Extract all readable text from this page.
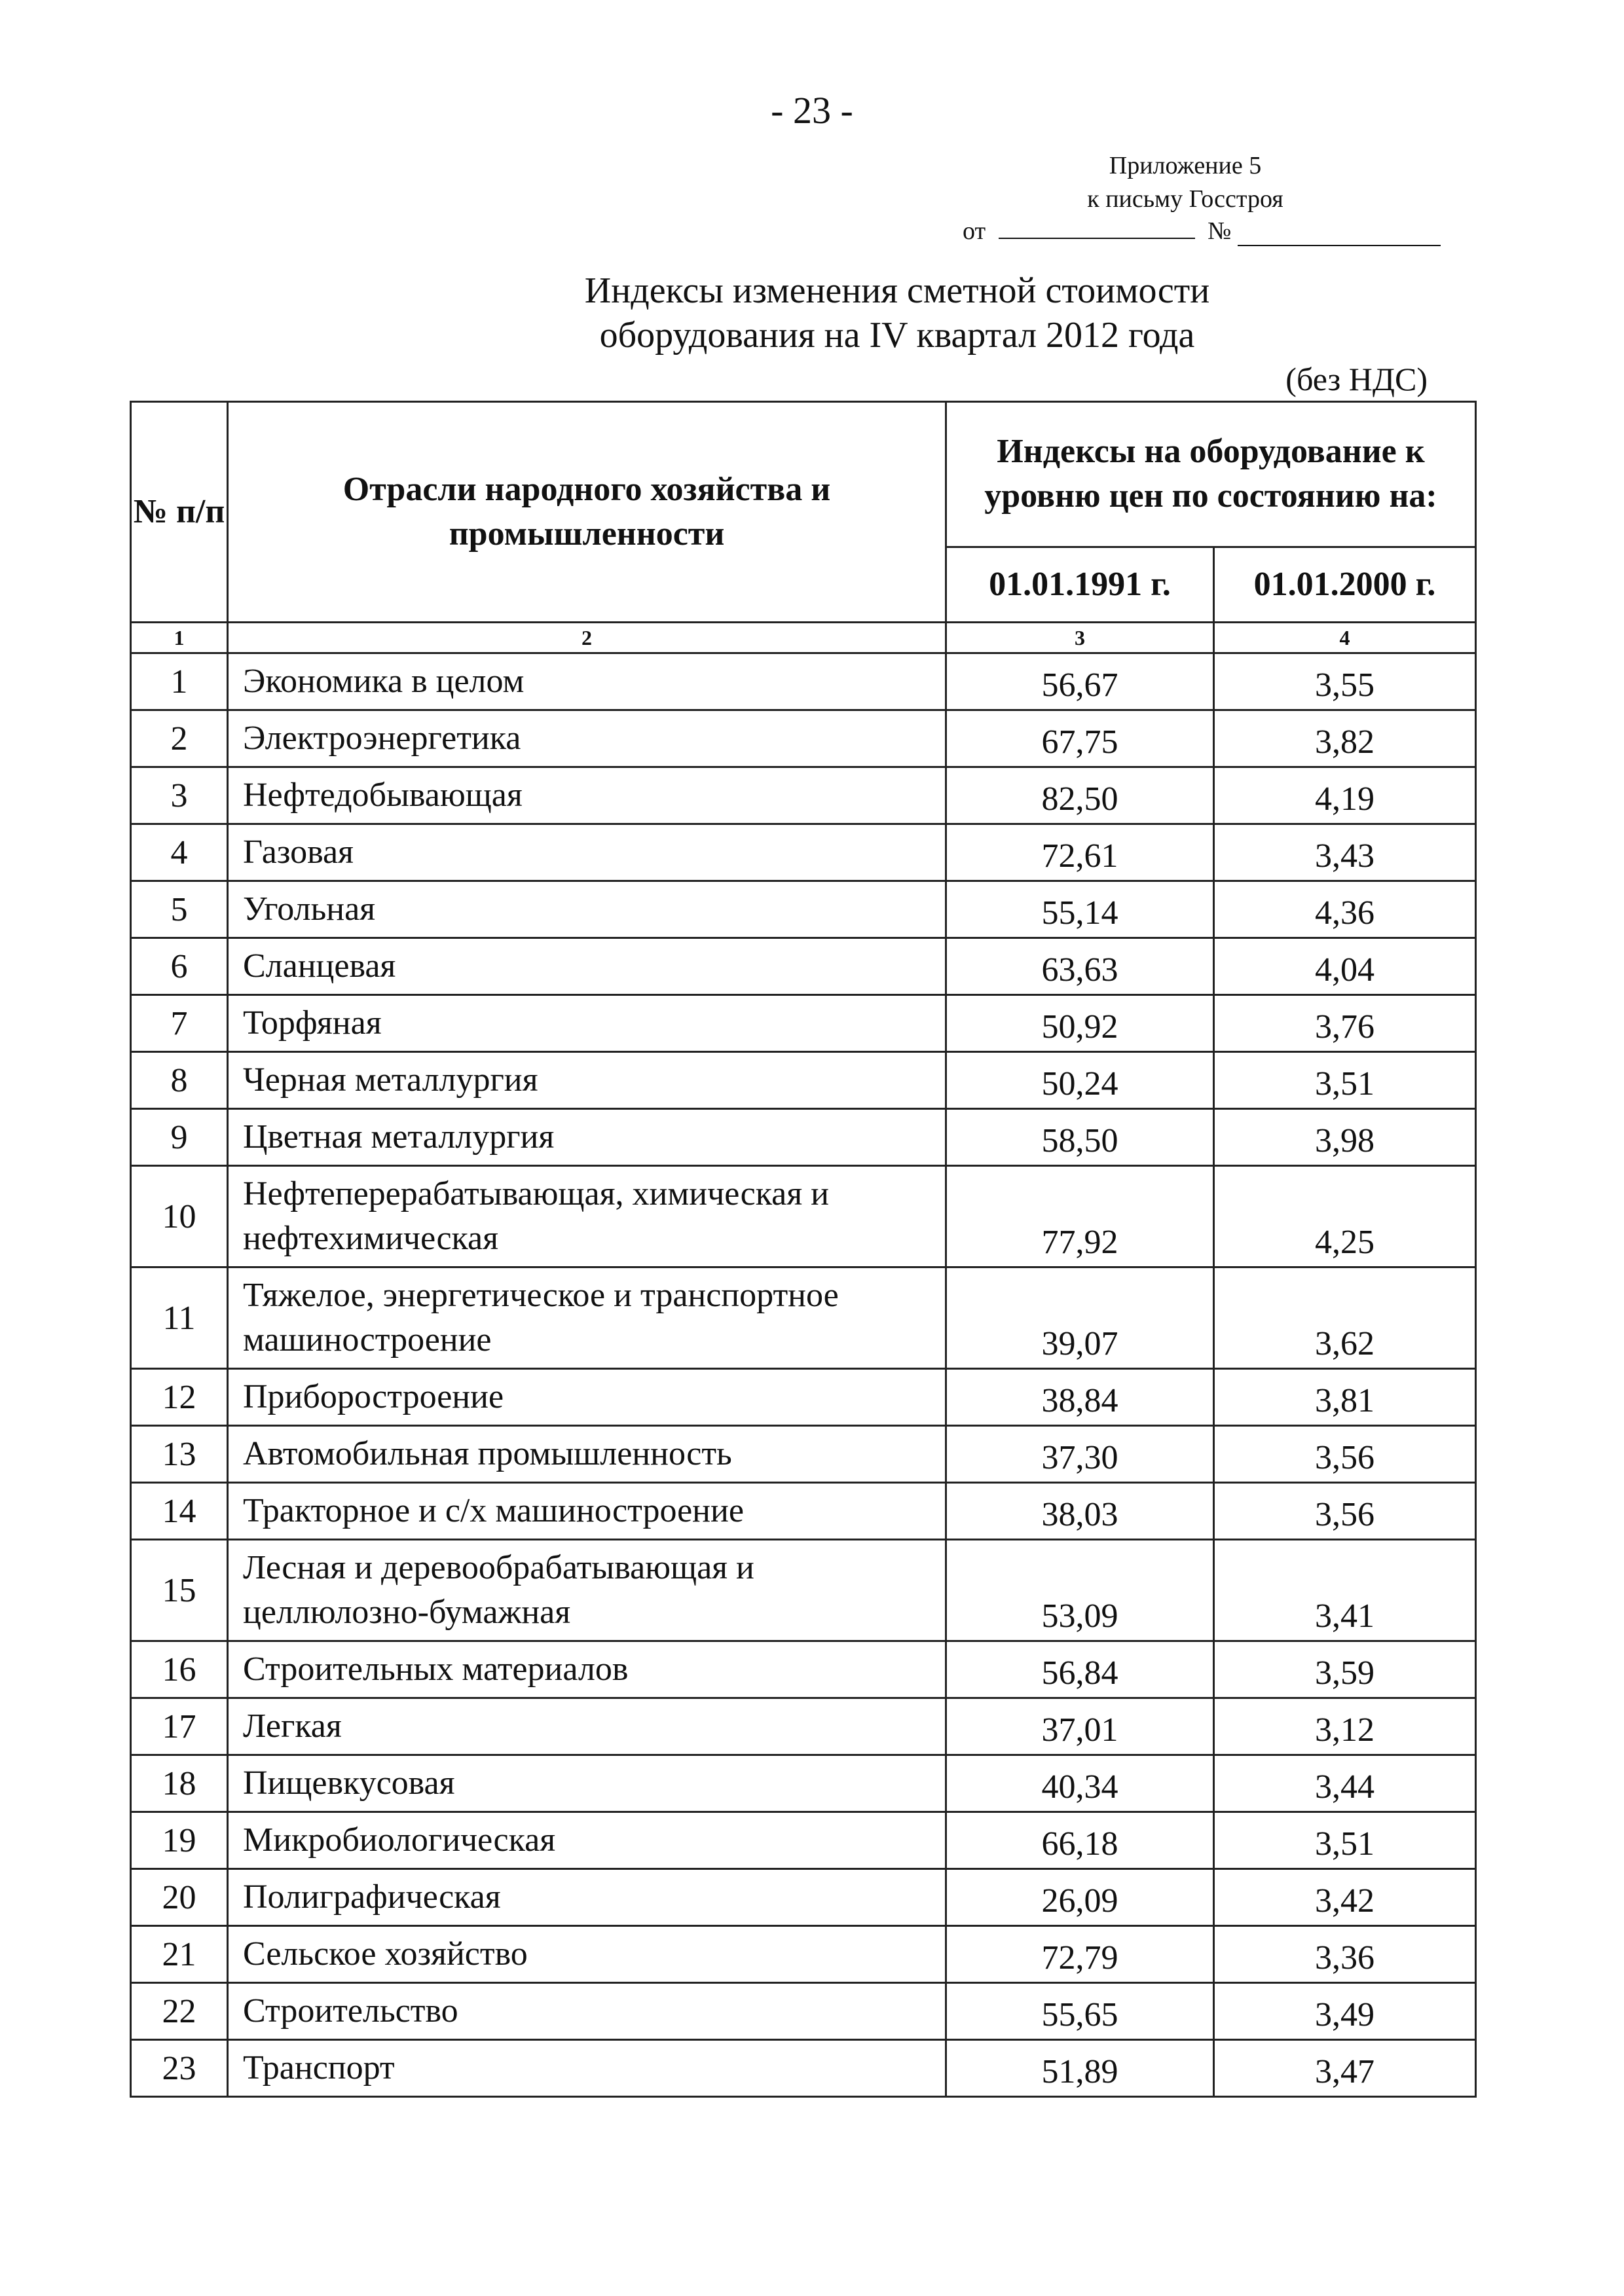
- 23 -
Приложение 5
к письму Госстроя
от	№
Индексы изменения сметной стоимости
оборудования на IV квартал 2012 года
(без НДС)
№ п/п	Отрасли народного хозяйства и промышленности	Индексы на оборудование к уровню цен по состоянию на:	
		01.01.1991 г.	01.01.2000 г.
1	2	3	4
1	Экономика в целом	56,67	3,55
2	Электроэнергетика	67,75	3,82
3	Нефтедобывающая	82,50	4,19
4	Газовая	72,61	3,43
5	Угольная	55,14	4,36
6	Сланцевая	63,63	4,04
7	Торфяная	50,92	3,76
8	Черная металлургия	50,24	3,51
9	Цветная металлургия	58,50	3,98
10	Нефтеперерабатывающая, химическая и нефтехимическая	77,92	4,25
11	Тяжелое, энергетическое и транспортное машиностроение	39,07	3,62
12	Приборостроение	38,84	3,81
13	Автомобильная промышленность	37,30	3,56
14	Тракторное и с/х машиностроение	38,03	3,56
15	Лесная и деревообрабатывающая и целлюлозно-бумажная	53,09	3,41
16	Строительных материалов	56,84	3,59
17	Легкая	37,01	3,12
18	Пищевкусовая	40,34	3,44
19	Микробиологическая	66,18	3,51
20	Полиграфическая	26,09	3,42
21	Сельское хозяйство	72,79	3,36
22	Строительство	55,65	3,49
23	Транспорт	51,89	3,47
